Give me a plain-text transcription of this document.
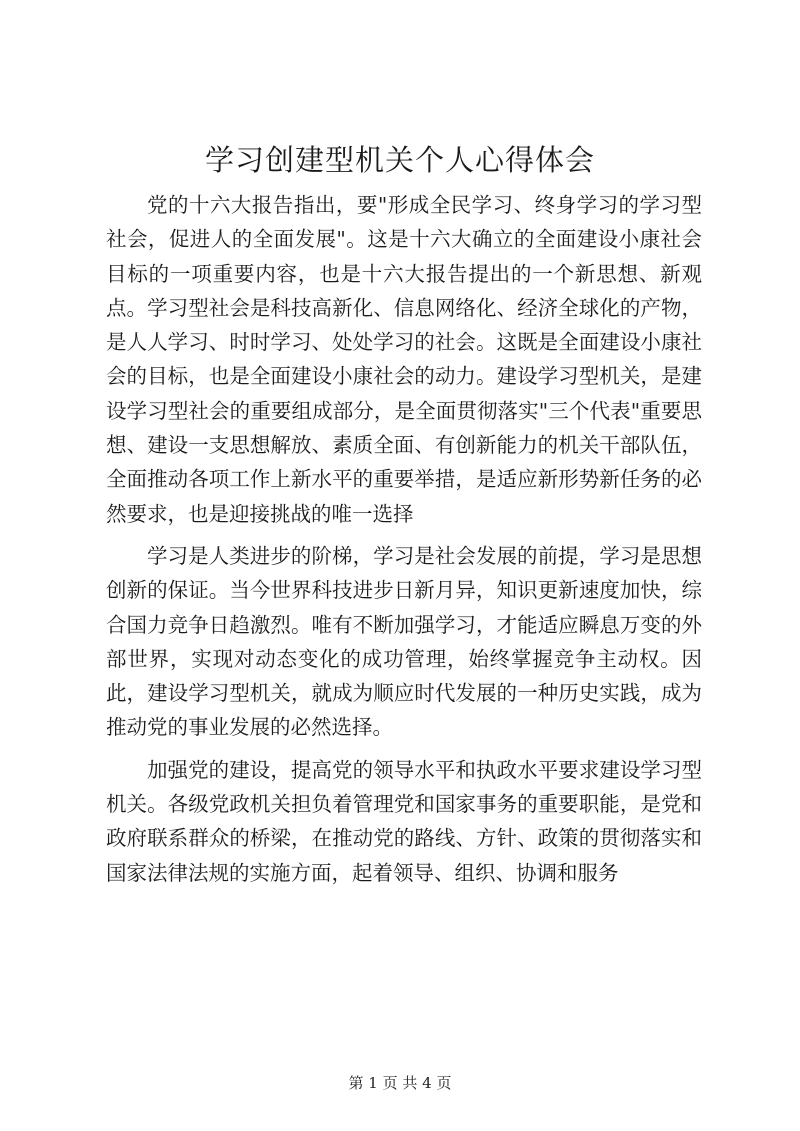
学习创建型机关个人心得体会

党的十六大报告指出，要"形成全民学习、终身学习的学习型社会，促进人的全面发展"。这是十六大确立的全面建设小康社会目标的一项重要内容，也是十六大报告提出的一个新思想、新观点。学习型社会是科技高新化、信息网络化、经济全球化的产物，是人人学习、时时学习、处处学习的社会。这既是全面建设小康社会的目标，也是全面建设小康社会的动力。建设学习型机关，是建设学习型社会的重要组成部分，是全面贯彻落实"三个代表"重要思想、建设一支思想解放、素质全面、有创新能力的机关干部队伍，全面推动各项工作上新水平的重要举措，是适应新形势新任务的必然要求，也是迎接挑战的唯一选择

学习是人类进步的阶梯，学习是社会发展的前提，学习是思想创新的保证。当今世界科技进步日新月异，知识更新速度加快，综合国力竞争日趋激烈。唯有不断加强学习，才能适应瞬息万变的外部世界，实现对动态变化的成功管理，始终掌握竞争主动权。因此，建设学习型机关，就成为顺应时代发展的一种历史实践，成为推动党的事业发展的必然选择。

加强党的建设，提高党的领导水平和执政水平要求建设学习型机关。各级党政机关担负着管理党和国家事务的重要职能，是党和政府联系群众的桥梁，在推动党的路线、方针、政策的贯彻落实和国家法律法规的实施方面，起着领导、组织、协调和服务

第 1 页 共 4 页
